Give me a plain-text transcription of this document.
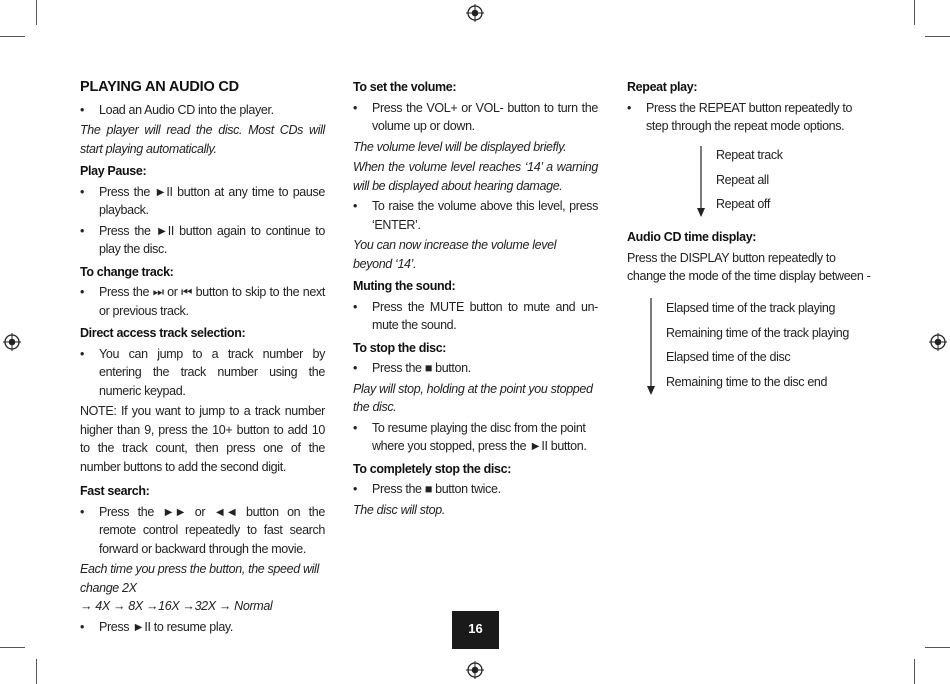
PLAYING AN AUDIO CD
• Load an Audio CD into the player.

The player will read the disc. Most CDs will start playing automatically.

Play Pause:
• Press the ►II button at any time to pause playback.
• Press the ►II button again to continue to play the disc.
To change track:
• Press the ⏭ or ⏮ button to skip to the next or previous track.
Direct access track selection:
• You can jump to a track number by entering the track number using the numeric keypad.

NOTE: If you want to jump to a track number higher than 9, press the 10+ button to add 10 to the track count, then press one of the number buttons to add the second digit.

Fast search:
• Press the ►► or ◄◄ button on the remote control repeatedly to fast search forward or backward through the movie.

Each time you press the button, the speed will change 2X
→ 4X → 8X →16X →32X → Normal

• Press ►II to resume play.
To set the volume:
• Press the VOL+ or VOL- button to turn the volume up or down.

The volume level will be displayed briefly.

When the volume level reaches ‘14’ a warning will be displayed about hearing damage.

• To raise the volume above this level, press ‘ENTER’.

You can now increase the volume level beyond ‘14’.

Muting the sound:
• Press the MUTE button to mute and un-mute the sound.
To stop the disc:
• Press the ■ button.

Play will stop, holding at the point you stopped the disc.

• To resume playing the disc from the point where you stopped, press the ►II button.
To completely stop the disc:
• Press the ■ button twice.

The disc will stop.

Repeat play:
• Press the REPEAT button repeatedly to step through the repeat mode options.
Repeat track
Repeat all
Repeat off
Audio CD time display:

Press the DISPLAY button repeatedly to change the mode of the time display between -

Elapsed time of the track playing
Remaining time of the track playing
Elapsed time of the disc
Remaining time to the disc end
16
